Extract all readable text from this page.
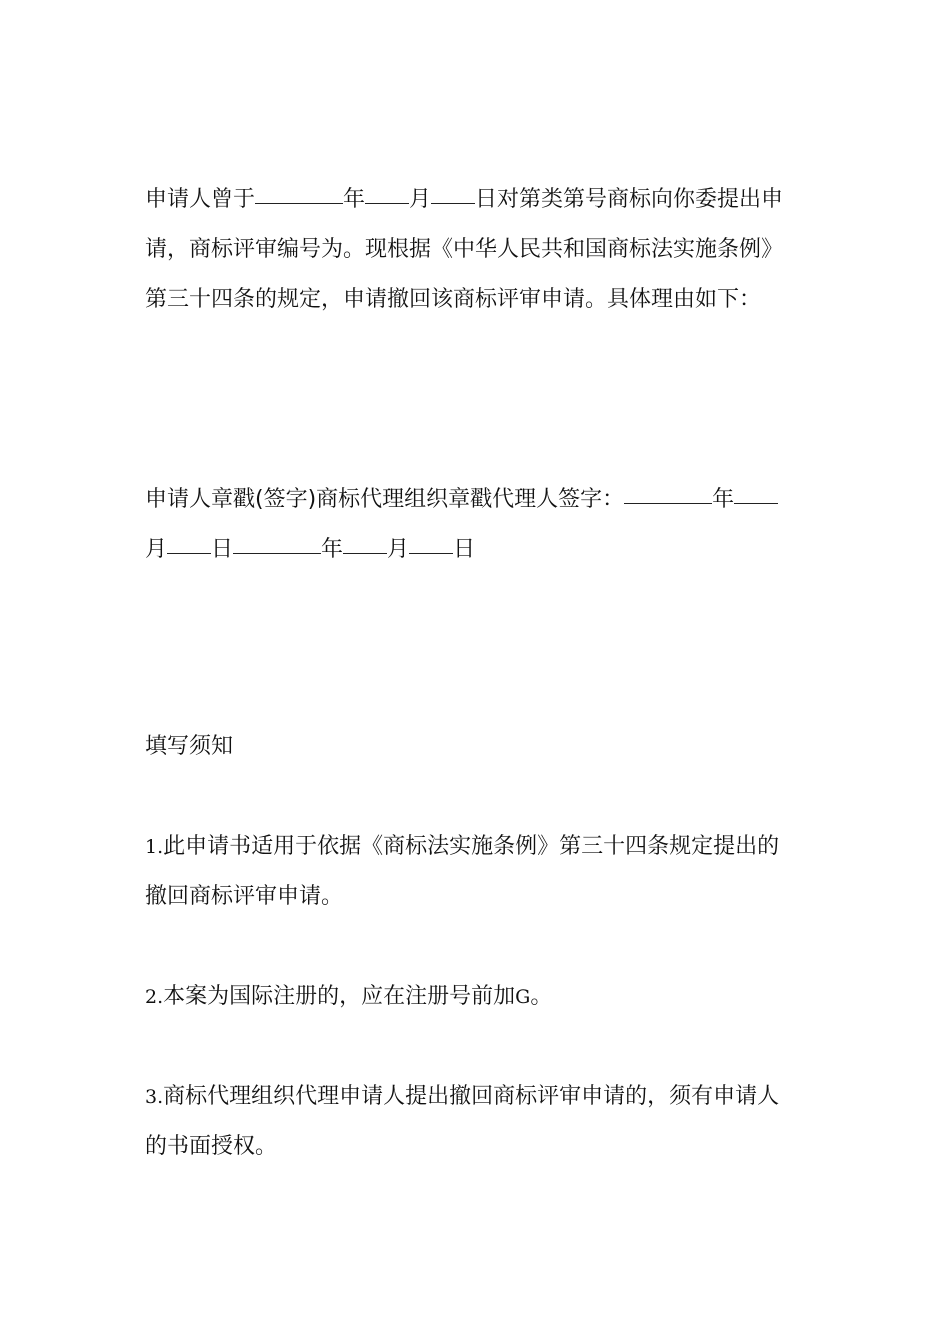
申请人曾于	年 月 日对第类第号商标向你委提出申
请，商标评审编号为。现根据《中华人民共和国商标法实施条例》
第三十四条的规定，申请撤回该商标评审申请。具体理由如下：
申请人章戳(签字)商标代理组织章戳代理人签字：	年
月 日	年 月 日
填写须知
1.此申请书适用于依据《商标法实施条例》第三十四条规定提出的
撤回商标评审申请。
2.本案为国际注册的，应在注册号前加G。
3.商标代理组织代理申请人提出撤回商标评审申请的，须有申请人
的书面授权。
